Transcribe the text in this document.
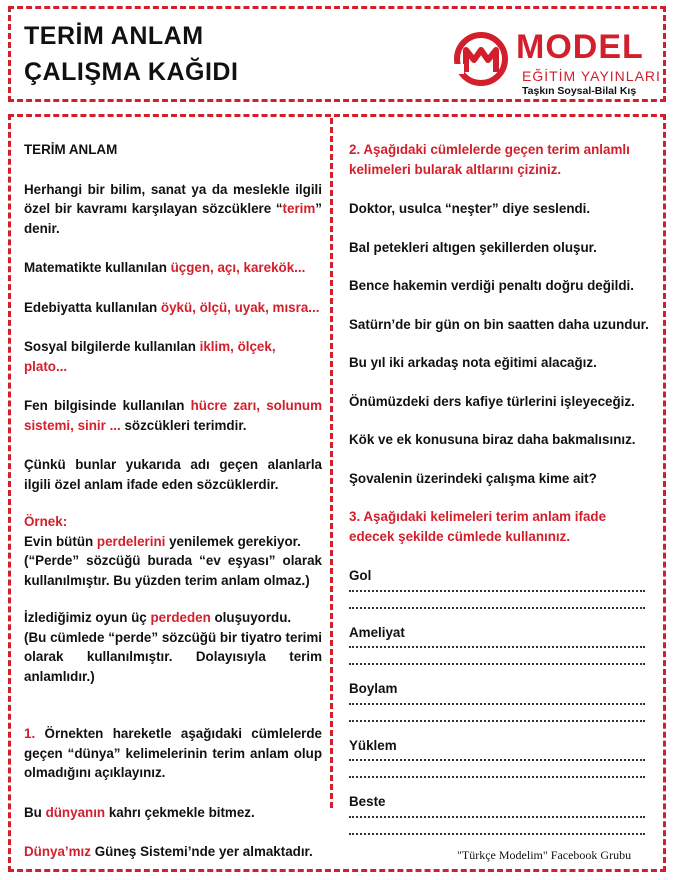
TERİM ANLAM
ÇALIŞMA KAĞIDI
MODEL
EĞİTİM YAYINLARI
Taşkın Soysal-Bilal Kış

TERİM ANLAM

Herhangi bir bilim, sanat ya da meslekle ilgili özel bir kavramı karşılayan sözcüklere “terim” denir.

Matematikte kullanılan üçgen, açı, karekök...

Edebiyatta kullanılan öykü, ölçü, uyak, mısra...

Sosyal bilgilerde kullanılan iklim, ölçek, plato...

Fen bilgisinde kullanılan hücre zarı, solunum sistemi, sinir ... sözcükleri terimdir.

Çünkü bunlar yukarıda adı geçen alanlarla ilgili özel anlam ifade eden sözcüklerdir.

Örnek:

Evin bütün perdelerini yenilemek gerekiyor.

(“Perde” sözcüğü burada “ev eşyası” olarak kullanılmıştır. Bu yüzden terim anlam olmaz.)

İzlediğimiz oyun üç perdeden oluşuyordu.

(Bu cümlede “perde” sözcüğü bir tiyatro terimi olarak kullanılmıştır. Dolayısıyla terim anlamlıdır.)

1. Örnekten hareketle aşağıdaki cümlelerde geçen “dünya” kelimelerinin terim anlam olup olmadığını açıklayınız.

Bu dünyanın kahrı çekmekle bitmez.

Dünya’mız Güneş Sistemi’nde yer almaktadır.

2. Aşağıdaki cümlelerde geçen terim anlamlı kelimeleri bularak altlarını çiziniz.

Doktor, usulca “neşter” diye seslendi.

Bal petekleri altıgen şekillerden oluşur.

Bence hakemin verdiği penaltı doğru değildi.

Satürn’de bir gün on bin saatten daha uzundur.

Bu yıl iki arkadaş nota eğitimi alacağız.

Önümüzdeki ders kafiye türlerini işleyeceğiz.

Kök ve ek konusuna biraz daha bakmalısınız.

Şovalenin üzerindeki çalışma kime ait?

3. Aşağıdaki kelimeleri terim anlam ifade edecek şekilde cümlede kullanınız.

Gol

Ameliyat

Boylam

Yüklem

Beste

"Türkçe Modelim" Facebook Grubu
